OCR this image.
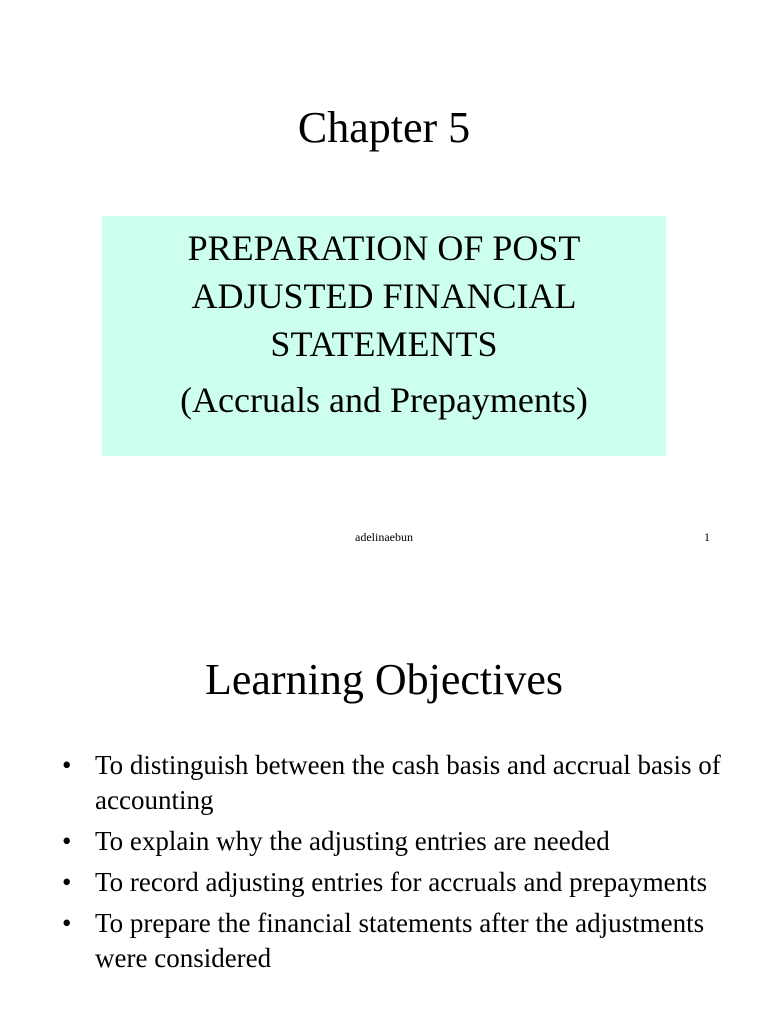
Chapter 5
PREPARATION OF POST
ADJUSTED FINANCIAL
STATEMENTS
(Accruals and Prepayments)
adelinaebun	1
Learning Objectives
• To distinguish between the cash basis and accrual basis of accounting
• To explain why the adjusting entries are needed
• To record adjusting entries for accruals and prepayments
• To prepare the financial statements after the adjustments were considered
